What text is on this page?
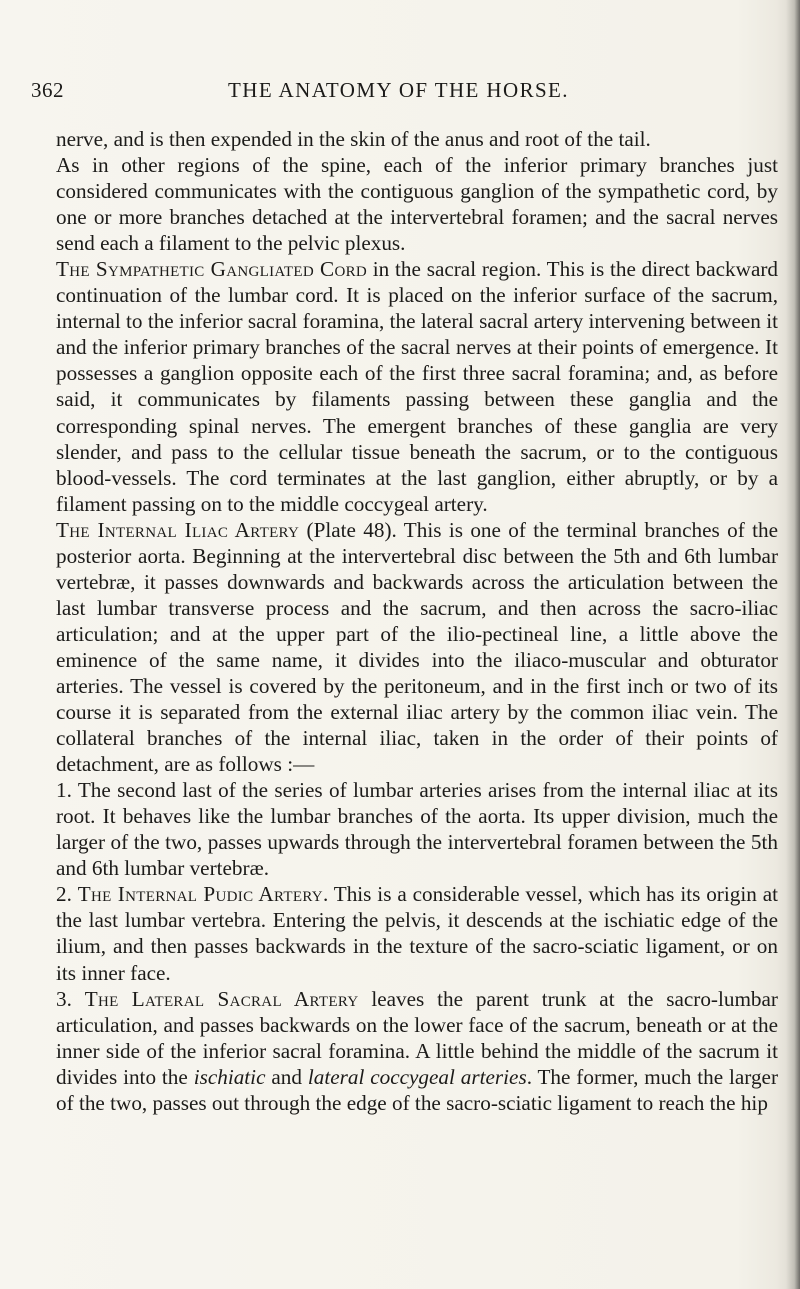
362	THE ANATOMY OF THE HORSE.

nerve, and is then expended in the skin of the anus and root of the tail.

As in other regions of the spine, each of the inferior primary branches just considered communicates with the contiguous ganglion of the sympathetic cord, by one or more branches detached at the intervertebral foramen; and the sacral nerves send each a filament to the pelvic plexus.

The Sympathetic Gangliated Cord in the sacral region. This is the direct backward continuation of the lumbar cord. It is placed on the inferior surface of the sacrum, internal to the inferior sacral foramina, the lateral sacral artery intervening between it and the inferior primary branches of the sacral nerves at their points of emergence. It possesses a ganglion opposite each of the first three sacral foramina; and, as before said, it communicates by filaments passing between these ganglia and the corresponding spinal nerves. The emergent branches of these ganglia are very slender, and pass to the cellular tissue beneath the sacrum, or to the contiguous blood-vessels. The cord terminates at the last ganglion, either abruptly, or by a filament passing on to the middle coccygeal artery.

The Internal Iliac Artery (Plate 48). This is one of the terminal branches of the posterior aorta. Beginning at the intervertebral disc between the 5th and 6th lumbar vertebræ, it passes downwards and backwards across the articulation between the last lumbar transverse process and the sacrum, and then across the sacro-iliac articulation; and at the upper part of the ilio-pectineal line, a little above the eminence of the same name, it divides into the iliaco-muscular and obturator arteries. The vessel is covered by the peritoneum, and in the first inch or two of its course it is separated from the external iliac artery by the common iliac vein. The collateral branches of the internal iliac, taken in the order of their points of detachment, are as follows :—

1. The second last of the series of lumbar arteries arises from the internal iliac at its root. It behaves like the lumbar branches of the aorta. Its upper division, much the larger of the two, passes upwards through the intervertebral foramen between the 5th and 6th lumbar vertebræ.

2. The Internal Pudic Artery. This is a considerable vessel, which has its origin at the last lumbar vertebra. Entering the pelvis, it descends at the ischiatic edge of the ilium, and then passes backwards in the texture of the sacro-sciatic ligament, or on its inner face.

3. The Lateral Sacral Artery leaves the parent trunk at the sacro-lumbar articulation, and passes backwards on the lower face of the sacrum, beneath or at the inner side of the inferior sacral foramina. A little behind the middle of the sacrum it divides into the ischiatic and lateral coccygeal arteries. The former, much the larger of the two, passes out through the edge of the sacro-sciatic ligament to reach the hip
